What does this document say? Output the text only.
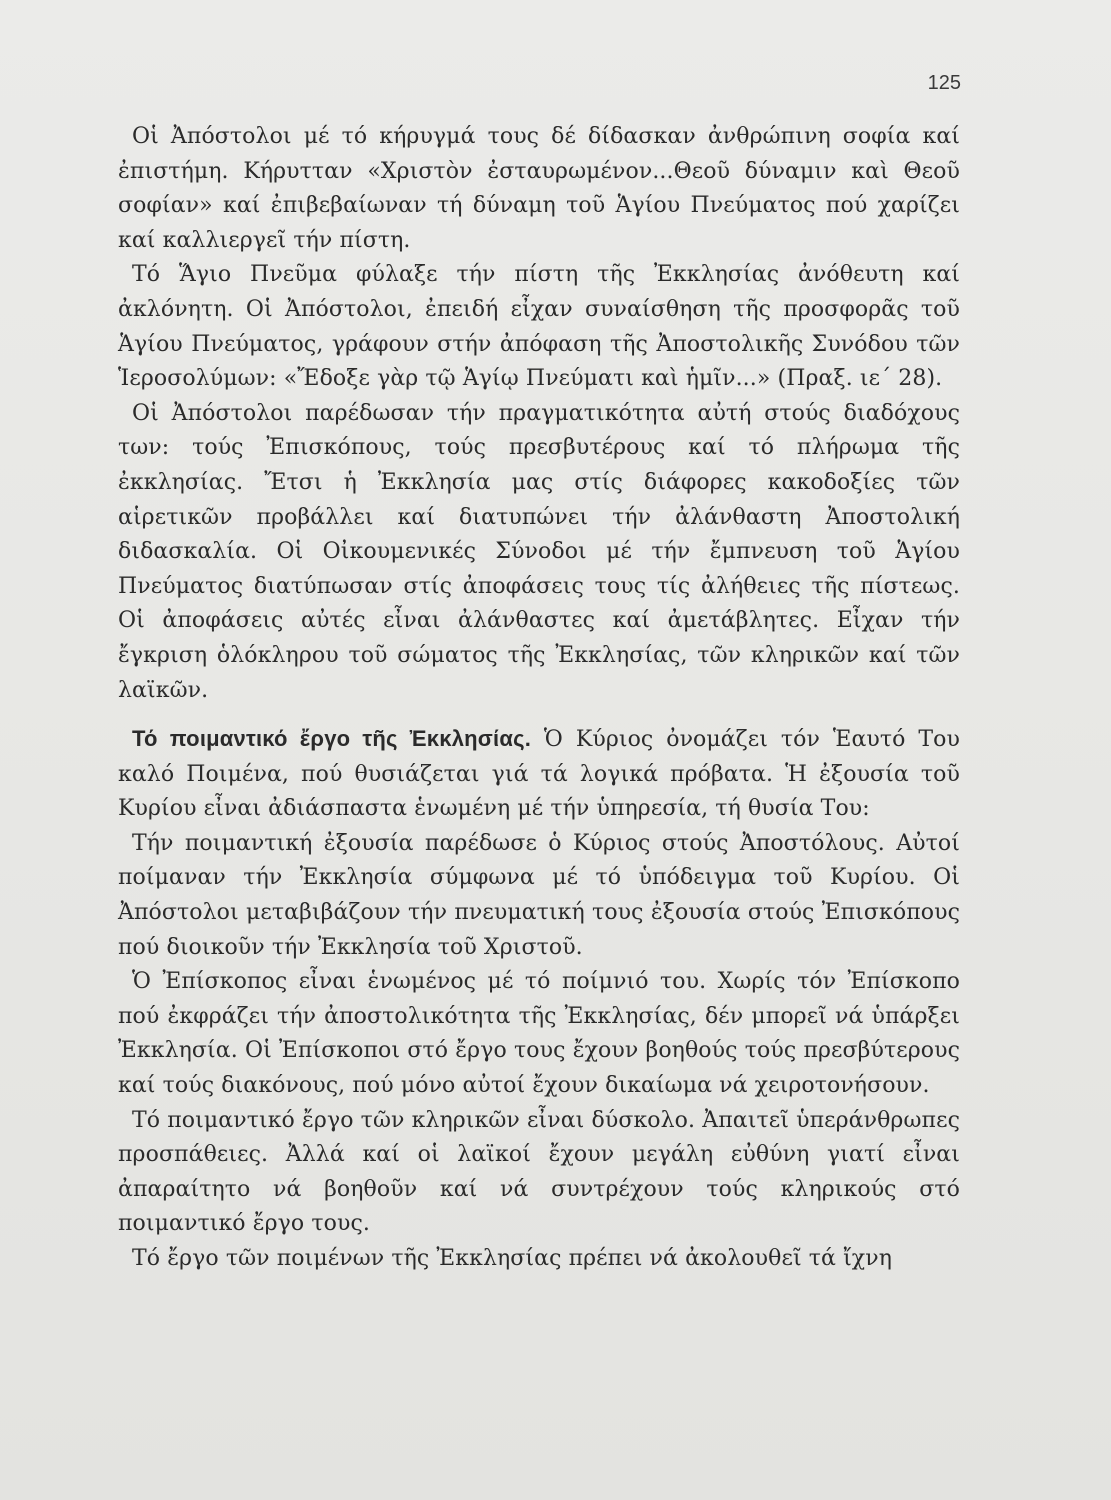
125

Οἱ Ἀπόστολοι μέ τό κήρυγμά τους δέ δίδασκαν ἀνθρώπινη σοφία καί ἐπιστήμη. Κήρυτταν «Χριστὸν ἐσταυρωμένον...Θεοῦ δύναμιν καὶ Θεοῦ σοφίαν» καί ἐπιβεβαίωναν τή δύναμη τοῦ Ἁγίου Πνεύματος πού χαρίζει καί καλλιεργεῖ τήν πίστη.

Τό Ἅγιο Πνεῦμα φύλαξε τήν πίστη τῆς Ἐκκλησίας ἀνόθευτη καί ἀκλόνητη. Οἱ Ἀπόστολοι, ἐπειδή εἶχαν συναίσθηση τῆς προσφορᾶς τοῦ Ἁγίου Πνεύματος, γράφουν στήν ἀπόφαση τῆς Ἀποστολικῆς Συνόδου τῶν Ἱεροσολύμων: «Ἔδοξε γὰρ τῷ Ἁγίῳ Πνεύματι καὶ ἡμῖν...» (Πραξ. ιε΄ 28).

Οἱ Ἀπόστολοι παρέδωσαν τήν πραγματικότητα αὐτή στούς διαδόχους των: τούς Ἐπισκόπους, τούς πρεσβυτέρους καί τό πλήρωμα τῆς ἐκκλησίας. Ἔτσι ἡ Ἐκκλησία μας στίς διάφορες κακοδοξίες τῶν αἱρετικῶν προβάλλει καί διατυπώνει τήν ἀλάνθαστη Ἀποστολική διδασκαλία. Οἱ Οἰκουμενικές Σύνοδοι μέ τήν ἔμπνευση τοῦ Ἁγίου Πνεύματος διατύπωσαν στίς ἀποφάσεις τους τίς ἀλήθειες τῆς πίστεως. Οἱ ἀποφάσεις αὐτές εἶναι ἀλάνθαστες καί ἀμετάβλητες. Εἶχαν τήν ἔγκριση ὁλόκληρου τοῦ σώματος τῆς Ἐκκλησίας, τῶν κληρικῶν καί τῶν λαϊκῶν.

Τό ποιμαντικό ἔργο τῆς Ἐκκλησίας. Ὁ Κύριος ὀνομάζει τόν Ἑαυτό Του καλό Ποιμένα, πού θυσιάζεται γιά τά λογικά πρόβατα. Ἡ ἐξουσία τοῦ Κυρίου εἶναι ἀδιάσπαστα ἑνωμένη μέ τήν ὑπηρεσία, τή θυσία Του:

Τήν ποιμαντική ἐξουσία παρέδωσε ὁ Κύριος στούς Ἀποστόλους. Αὐτοί ποίμαναν τήν Ἐκκλησία σύμφωνα μέ τό ὑπόδειγμα τοῦ Κυρίου. Οἱ Ἀπόστολοι μεταβιβάζουν τήν πνευματική τους ἐξουσία στούς Ἐπισκόπους πού διοικοῦν τήν Ἐκκλησία τοῦ Χριστοῦ.

Ὁ Ἐπίσκοπος εἶναι ἑνωμένος μέ τό ποίμνιό του. Χωρίς τόν Ἐπίσκοπο πού ἐκφράζει τήν ἀποστολικότητα τῆς Ἐκκλησίας, δέν μπορεῖ νά ὑπάρξει Ἐκκλησία. Οἱ Ἐπίσκοποι στό ἔργο τους ἔχουν βοηθούς τούς πρεσβύτερους καί τούς διακόνους, πού μόνο αὐτοί ἔχουν δικαίωμα νά χειροτονήσουν.

Τό ποιμαντικό ἔργο τῶν κληρικῶν εἶναι δύσκολο. Ἀπαιτεῖ ὑπεράνθρωπες προσπάθειες. Ἀλλά καί οἱ λαϊκοί ἔχουν μεγάλη εὐθύνη γιατί εἶναι ἀπαραίτητο νά βοηθοῦν καί νά συντρέχουν τούς κληρικούς στό ποιμαντικό ἔργο τους.

Τό ἔργο τῶν ποιμένων τῆς Ἐκκλησίας πρέπει νά ἀκολουθεῖ τά ἴχνη
